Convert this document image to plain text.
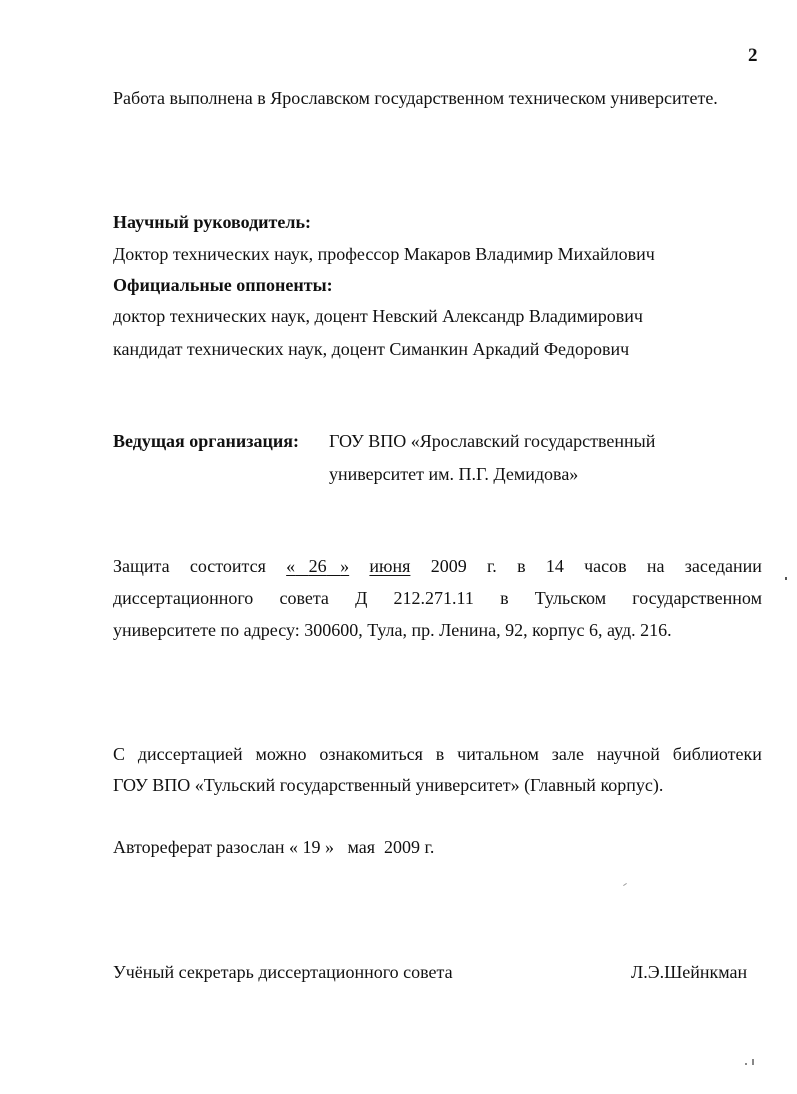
2
Работа выполнена в Ярославском государственном техническом университете.
Научный руководитель:
Доктор технических наук, профессор Макаров Владимир Михайлович
Официальные оппоненты:
доктор технических наук, доцент Невский Александр Владимирович
кандидат технических наук, доцент Симанкин Аркадий Федорович
Ведущая организация: ГОУ ВПО «Ярославский государственный
университет им. П.Г. Демидова»
Защита состоится « 26 » июня 2009 г. в 14 часов на заседании
диссертационного совета Д 212.271.11 в Тульском государственном
университете по адресу: 300600, Тула, пр. Ленина, 92, корпус 6, ауд. 216.
С диссертацией можно ознакомиться в читальном зале научной библиотеки
ГОУ ВПО «Тульский государственный университет» (Главный корпус).
Автореферат разослан « 19 »   мая  2009 г.
Учёный секретарь диссертационного совета	Л.Э.Шейнкман
